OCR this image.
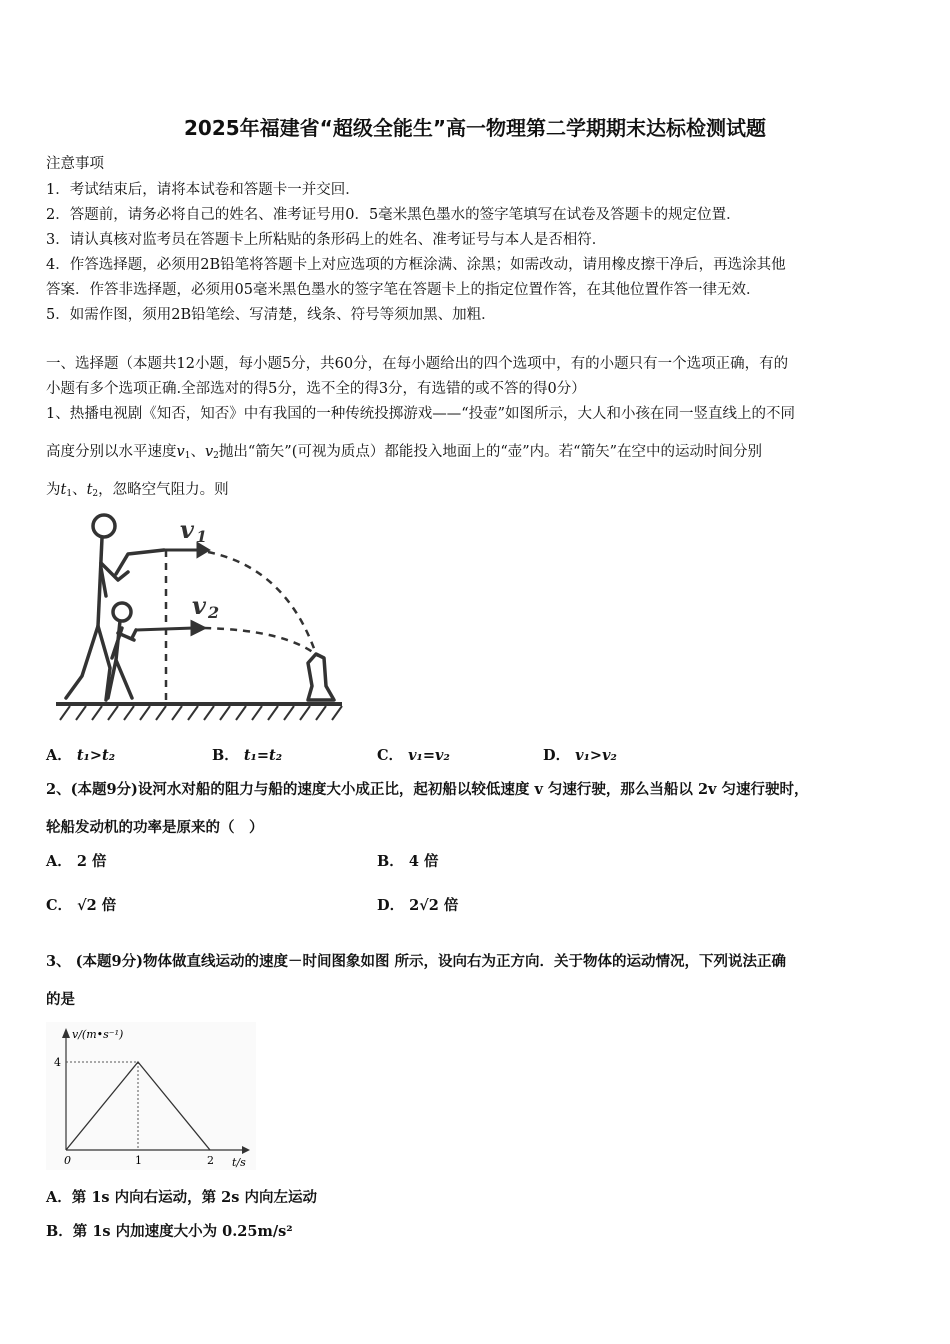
2025年福建省“超级全能生”高一物理第二学期期末达标检测试题
注意事项
1．考试结束后，请将本试卷和答题卡一并交回．
2．答题前，请务必将自己的姓名、准考证号用0．5毫米黑色墨水的签字笔填写在试卷及答题卡的规定位置．
3．请认真核对监考员在答题卡上所粘贴的条形码上的姓名、准考证号与本人是否相符．
4．作答选择题，必须用2B铅笔将答题卡上对应选项的方框涂满、涂黑；如需改动，请用橡皮擦干净后，再选涂其他
答案．作答非选择题，必须用05毫米黑色墨水的签字笔在答题卡上的指定位置作答，在其他位置作答一律无效．
5．如需作图，须用2B铅笔绘、写清楚，线条、符号等须加黑、加粗．
一、选择题（本题共12小题，每小题5分，共60分，在每小题给出的四个选项中，有的小题只有一个选项正确，有的
小题有多个选项正确.全部选对的得5分，选不全的得3分，有选错的或不答的得0分）
1、热播电视剧《知否，知否》中有我国的一种传统投掷游戏——“投壶”如图所示，大人和小孩在同一竖直线上的不同
高度分别以水平速度$v_1$、$v_2$抛出“箭矢”(可视为质点）都能投入地面上的“壶”内。若“箭矢”在空中的运动时间分别
为$t_1$、$t_2$，忽略空气阻力。则
v 1
v 2
A． t₁>t₂	B． t₁=t₂	C． v₁=v₂	D． v₁>v₂
2、(本题9分)设河水对船的阻力与船的速度大小成正比，起初船以较低速度 v 匀速行驶，那么当船以 2v 匀速行驶时，
轮船发动机的功率是原来的（　）
A． 2 倍	B． 4 倍
C． √2 倍	D． 2√2 倍
3、 (本题9分)物体做直线运动的速度－时间图象如图 所示，设向右为正方向．关于物体的运动情况，下列说法正确
的是
v/(m•s⁻¹)
t/s
0	1	2
4
A．第 1s 内向右运动，第 2s 内向左运动
B．第 1s 内加速度大小为 0.25m/s²
